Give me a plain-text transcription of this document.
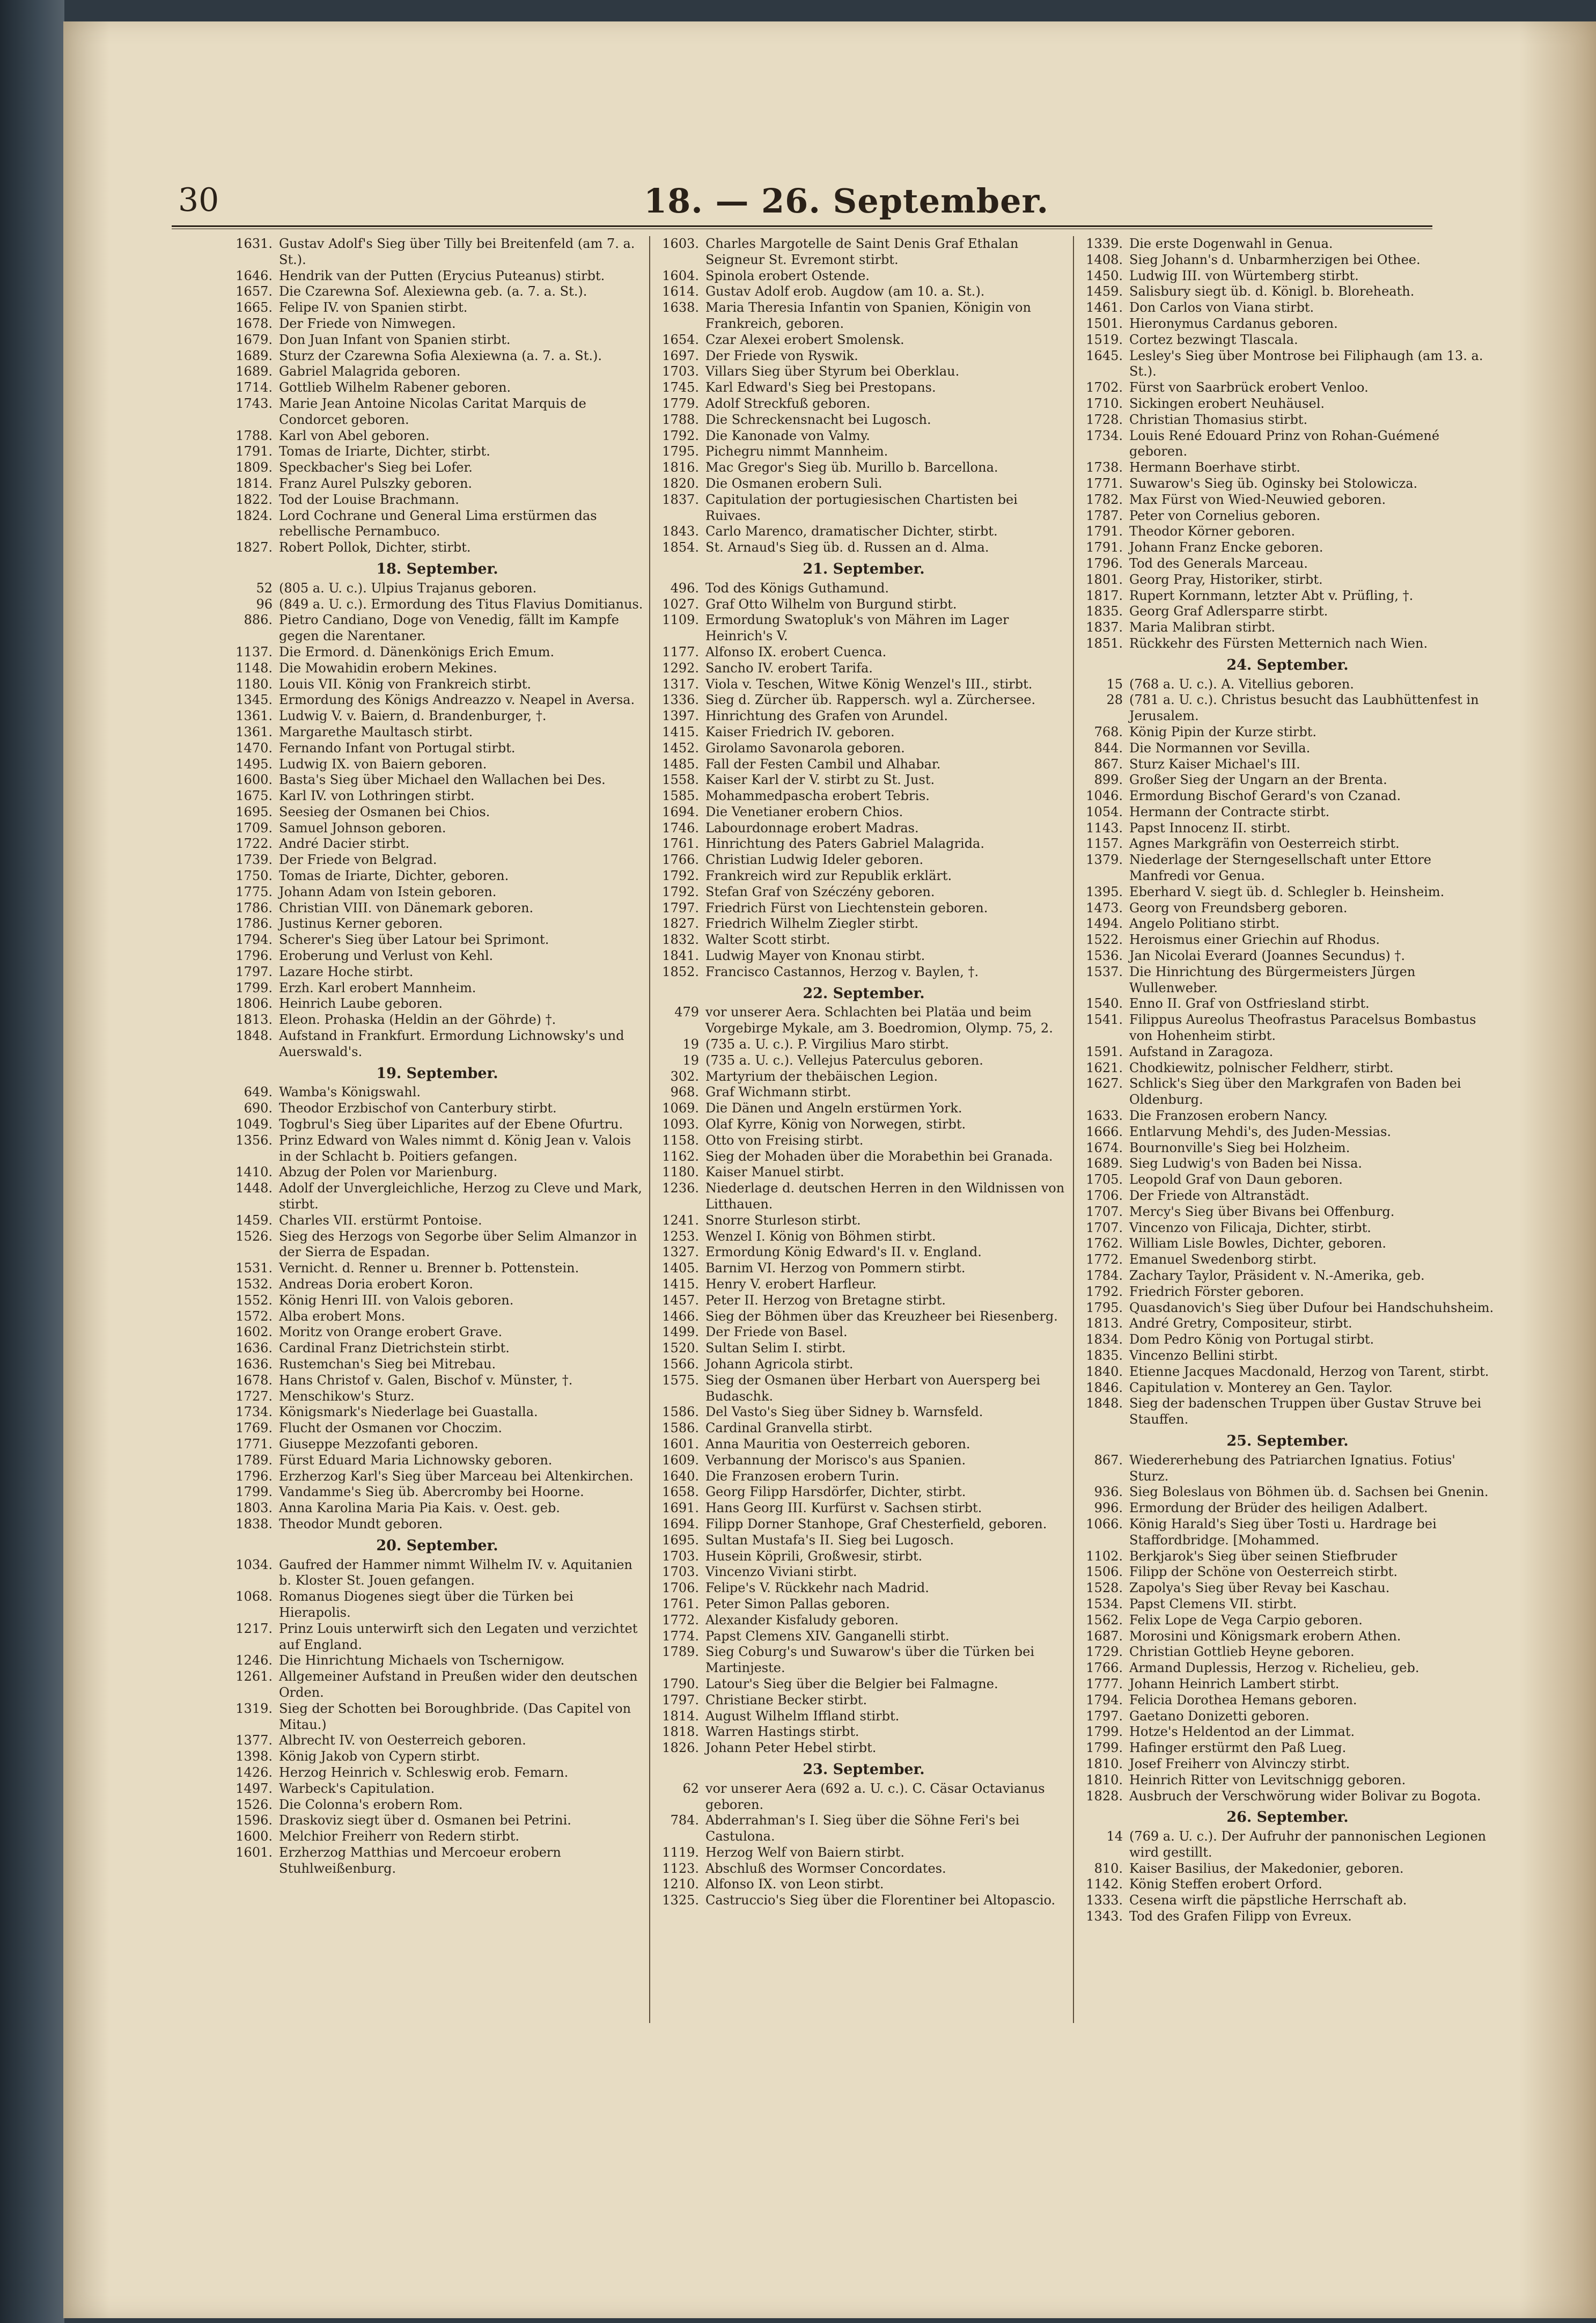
30	18. — 26. September.
1631. Gustav Adolf's Sieg über Tilly bei Breitenfeld (am 7. a. St.).
1646. Hendrik van der Putten (Erycius Puteanus) stirbt.
1657. Die Czarewna Sof. Alexiewna geb. (a. 7. a. St.).
1665. Felipe IV. von Spanien stirbt.
1678. Der Friede von Nimwegen.
1679. Don Juan Infant von Spanien stirbt.
1689. Sturz der Czarewna Sofia Alexiewna (a. 7. a. St.).
1689. Gabriel Malagrida geboren.
1714. Gottlieb Wilhelm Rabener geboren.
1743. Marie Jean Antoine Nicolas Caritat Marquis de Condorcet geboren.
1788. Karl von Abel geboren.
1791. Tomas de Iriarte, Dichter, stirbt.
1809. Speckbacher's Sieg bei Lofer.
1814. Franz Aurel Pulszky geboren.
1822. Tod der Louise Brachmann.
1824. Lord Cochrane und General Lima erstürmen das rebellische Pernambuco.
1827. Robert Pollok, Dichter, stirbt.
18. September.
52 (805 a. U. c.). Ulpius Trajanus geboren.
96 (849 a. U. c.). Ermordung des Titus Flavius Domitianus.
886. Pietro Candiano, Doge von Venedig, fällt im Kampfe gegen die Narentaner.
1137. Die Ermord. d. Dänenkönigs Erich Emum.
1148. Die Mowahidin erobern Mekines.
1180. Louis VII. König von Frankreich stirbt.
1345. Ermordung des Königs Andreazzo v. Neapel in Aversa.
1361. Ludwig V. v. Baiern, d. Brandenburger, †.
1361. Margarethe Maultasch stirbt.
1470. Fernando Infant von Portugal stirbt.
1495. Ludwig IX. von Baiern geboren.
1600. Basta's Sieg über Michael den Wallachen bei Des.
1675. Karl IV. von Lothringen stirbt.
1695. Seesieg der Osmanen bei Chios.
1709. Samuel Johnson geboren.
1722. André Dacier stirbt.
1739. Der Friede von Belgrad.
1750. Tomas de Iriarte, Dichter, geboren.
1775. Johann Adam von Istein geboren.
1786. Christian VIII. von Dänemark geboren.
1786. Justinus Kerner geboren.
1794. Scherer's Sieg über Latour bei Sprimont.
1796. Eroberung und Verlust von Kehl.
1797. Lazare Hoche stirbt.
1799. Erzh. Karl erobert Mannheim.
1806. Heinrich Laube geboren.
1813. Eleon. Prohaska (Heldin an der Göhrde) †.
1848. Aufstand in Frankfurt. Ermordung Lichnowsky's und Auerswald's.
19. September.
649. Wamba's Königswahl.
690. Theodor Erzbischof von Canterbury stirbt.
1049. Togbrul's Sieg über Liparites auf der Ebene Ofurtru.
1356. Prinz Edward von Wales nimmt d. König Jean v. Valois in der Schlacht b. Poitiers gefangen.
1410. Abzug der Polen vor Marienburg.
1448. Adolf der Unvergleichliche, Herzog zu Cleve und Mark, stirbt.
1459. Charles VII. erstürmt Pontoise.
1526. Sieg des Herzogs von Segorbe über Selim Almanzor in der Sierra de Espadan.
1531. Vernicht. d. Renner u. Brenner b. Pottenstein.
1532. Andreas Doria erobert Koron.
1552. König Henri III. von Valois geboren.
1572. Alba erobert Mons.
1602. Moritz von Orange erobert Grave.
1636. Cardinal Franz Dietrichstein stirbt.
1636. Rustemchan's Sieg bei Mitrebau.
1678. Hans Christof v. Galen, Bischof v. Münster, †.
1727. Menschikow's Sturz.
1734. Königsmark's Niederlage bei Guastalla.
1769. Flucht der Osmanen vor Choczim.
1771. Giuseppe Mezzofanti geboren.
1789. Fürst Eduard Maria Lichnowsky geboren.
1796. Erzherzog Karl's Sieg über Marceau bei Altenkirchen.
1799. Vandamme's Sieg üb. Abercromby bei Hoorne.
1803. Anna Karolina Maria Pia Kais. v. Oest. geb.
1838. Theodor Mundt geboren.
20. September.
1034. Gaufred der Hammer nimmt Wilhelm IV. v. Aquitanien b. Kloster St. Jouen gefangen.
1068. Romanus Diogenes siegt über die Türken bei Hierapolis.
1217. Prinz Louis unterwirft sich den Legaten und verzichtet auf England.
1246. Die Hinrichtung Michaels von Tschernigow.
1261. Allgemeiner Aufstand in Preußen wider den deutschen Orden.
1319. Sieg der Schotten bei Boroughbride. (Das Capitel von Mitau.)
1377. Albrecht IV. von Oesterreich geboren.
1398. König Jakob von Cypern stirbt.
1426. Herzog Heinrich v. Schleswig erob. Femarn.
1497. Warbeck's Capitulation.
1526. Die Colonna's erobern Rom.
1596. Draskoviz siegt über d. Osmanen bei Petrini.
1600. Melchior Freiherr von Redern stirbt.
1601. Erzherzog Matthias und Mercoeur erobern Stuhlweißenburg.
1603. Charles Margotelle de Saint Denis Graf Ethalan Seigneur St. Evremont stirbt.
1604. Spinola erobert Ostende.
1614. Gustav Adolf erob. Augdow (am 10. a. St.).
1638. Maria Theresia Infantin von Spanien, Königin von Frankreich, geboren.
1654. Czar Alexei erobert Smolensk.
1697. Der Friede von Ryswik.
1703. Villars Sieg über Styrum bei Oberklau.
1745. Karl Edward's Sieg bei Prestopans.
1779. Adolf Streckfuß geboren.
1788. Die Schreckensnacht bei Lugosch.
1792. Die Kanonade von Valmy.
1795. Pichegru nimmt Mannheim.
1816. Mac Gregor's Sieg üb. Murillo b. Barcellona.
1820. Die Osmanen erobern Suli.
1837. Capitulation der portugiesischen Chartisten bei Ruivaes.
1843. Carlo Marenco, dramatischer Dichter, stirbt.
1854. St. Arnaud's Sieg üb. d. Russen an d. Alma.
21. September.
496. Tod des Königs Guthamund.
1027. Graf Otto Wilhelm von Burgund stirbt.
1109. Ermordung Swatopluk's von Mähren im Lager Heinrich's V.
1177. Alfonso IX. erobert Cuenca.
1292. Sancho IV. erobert Tarifa.
1317. Viola v. Teschen, Witwe König Wenzel's III., stirbt.
1336. Sieg d. Zürcher üb. Rappersch. wyl a. Zürchersee.
1397. Hinrichtung des Grafen von Arundel.
1415. Kaiser Friedrich IV. geboren.
1452. Girolamo Savonarola geboren.
1485. Fall der Festen Cambil und Alhabar.
1558. Kaiser Karl der V. stirbt zu St. Just.
1585. Mohammedpascha erobert Tebris.
1694. Die Venetianer erobern Chios.
1746. Labourdonnage erobert Madras.
1761. Hinrichtung des Paters Gabriel Malagrida.
1766. Christian Ludwig Ideler geboren.
1792. Frankreich wird zur Republik erklärt.
1792. Stefan Graf von Széczény geboren.
1797. Friedrich Fürst von Liechtenstein geboren.
1827. Friedrich Wilhelm Ziegler stirbt.
1832. Walter Scott stirbt.
1841. Ludwig Mayer von Knonau stirbt.
1852. Francisco Castannos, Herzog v. Baylen, †.
22. September.
479 vor unserer Aera. Schlachten bei Platäa und beim Vorgebirge Mykale, am 3. Boedromion, Olymp. 75, 2.
19 (735 a. U. c.). P. Virgilius Maro stirbt.
19 (735 a. U. c.). Vellejus Paterculus geboren.
302. Martyrium der thebäischen Legion.
968. Graf Wichmann stirbt.
1069. Die Dänen und Angeln erstürmen York.
1093. Olaf Kyrre, König von Norwegen, stirbt.
1158. Otto von Freising stirbt.
1162. Sieg der Mohaden über die Morabethin bei Granada.
1180. Kaiser Manuel stirbt.
1236. Niederlage d. deutschen Herren in den Wildnissen von Litthauen.
1241. Snorre Sturleson stirbt.
1253. Wenzel I. König von Böhmen stirbt.
1327. Ermordung König Edward's II. v. England.
1405. Barnim VI. Herzog von Pommern stirbt.
1415. Henry V. erobert Harfleur.
1457. Peter II. Herzog von Bretagne stirbt.
1466. Sieg der Böhmen über das Kreuzheer bei Riesenberg.
1499. Der Friede von Basel.
1520. Sultan Selim I. stirbt.
1566. Johann Agricola stirbt.
1575. Sieg der Osmanen über Herbart von Auersperg bei Budaschk.
1586. Del Vasto's Sieg über Sidney b. Warnsfeld.
1586. Cardinal Granvella stirbt.
1601. Anna Mauritia von Oesterreich geboren.
1609. Verbannung der Morisco's aus Spanien.
1640. Die Franzosen erobern Turin.
1658. Georg Filipp Harsdörfer, Dichter, stirbt.
1691. Hans Georg III. Kurfürst v. Sachsen stirbt.
1694. Filipp Dorner Stanhope, Graf Chesterfield, geboren.
1695. Sultan Mustafa's II. Sieg bei Lugosch.
1703. Husein Köprili, Großwesir, stirbt.
1703. Vincenzo Viviani stirbt.
1706. Felipe's V. Rückkehr nach Madrid.
1761. Peter Simon Pallas geboren.
1772. Alexander Kisfaludy geboren.
1774. Papst Clemens XIV. Ganganelli stirbt.
1789. Sieg Coburg's und Suwarow's über die Türken bei Martinjeste.
1790. Latour's Sieg über die Belgier bei Falmagne.
1797. Christiane Becker stirbt.
1814. August Wilhelm Iffland stirbt.
1818. Warren Hastings stirbt.
1826. Johann Peter Hebel stirbt.
23. September.
62 vor unserer Aera (692 a. U. c.). C. Cäsar Octavianus geboren.
784. Abderrahman's I. Sieg über die Söhne Feri's bei Castulona.
1119. Herzog Welf von Baiern stirbt.
1123. Abschluß des Wormser Concordates.
1210. Alfonso IX. von Leon stirbt.
1325. Castruccio's Sieg über die Florentiner bei Altopascio.
1339. Die erste Dogenwahl in Genua.
1408. Sieg Johann's d. Unbarmherzigen bei Othee.
1450. Ludwig III. von Würtemberg stirbt.
1459. Salisbury siegt üb. d. Königl. b. Bloreheath.
1461. Don Carlos von Viana stirbt.
1501. Hieronymus Cardanus geboren.
1519. Cortez bezwingt Tlascala.
1645. Lesley's Sieg über Montrose bei Filiphaugh (am 13. a. St.).
1702. Fürst von Saarbrück erobert Venloo.
1710. Sickingen erobert Neuhäusel.
1728. Christian Thomasius stirbt.
1734. Louis René Edouard Prinz von Rohan-Guémené geboren.
1738. Hermann Boerhave stirbt.
1771. Suwarow's Sieg üb. Oginsky bei Stolowicza.
1782. Max Fürst von Wied-Neuwied geboren.
1787. Peter von Cornelius geboren.
1791. Theodor Körner geboren.
1791. Johann Franz Encke geboren.
1796. Tod des Generals Marceau.
1801. Georg Pray, Historiker, stirbt.
1817. Rupert Kornmann, letzter Abt v. Prüfling, †.
1835. Georg Graf Adlersparre stirbt.
1837. Maria Malibran stirbt.
1851. Rückkehr des Fürsten Metternich nach Wien.
24. September.
15 (768 a. U. c.). A. Vitellius geboren.
28 (781 a. U. c.). Christus besucht das Laubhüttenfest in Jerusalem.
768. König Pipin der Kurze stirbt.
844. Die Normannen vor Sevilla.
867. Sturz Kaiser Michael's III.
899. Großer Sieg der Ungarn an der Brenta.
1046. Ermordung Bischof Gerard's von Czanad.
1054. Hermann der Contracte stirbt.
1143. Papst Innocenz II. stirbt.
1157. Agnes Markgräfin von Oesterreich stirbt.
1379. Niederlage der Sterngesellschaft unter Ettore Manfredi vor Genua.
1395. Eberhard V. siegt üb. d. Schlegler b. Heinsheim.
1473. Georg von Freundsberg geboren.
1494. Angelo Politiano stirbt.
1522. Heroismus einer Griechin auf Rhodus.
1536. Jan Nicolai Everard (Joannes Secundus) †.
1537. Die Hinrichtung des Bürgermeisters Jürgen Wullenweber.
1540. Enno II. Graf von Ostfriesland stirbt.
1541. Filippus Aureolus Theofrastus Paracelsus Bombastus von Hohenheim stirbt.
1591. Aufstand in Zaragoza.
1621. Chodkiewitz, polnischer Feldherr, stirbt.
1627. Schlick's Sieg über den Markgrafen von Baden bei Oldenburg.
1633. Die Franzosen erobern Nancy.
1666. Entlarvung Mehdi's, des Juden-Messias.
1674. Bournonville's Sieg bei Holzheim.
1689. Sieg Ludwig's von Baden bei Nissa.
1705. Leopold Graf von Daun geboren.
1706. Der Friede von Altranstädt.
1707. Mercy's Sieg über Bivans bei Offenburg.
1707. Vincenzo von Filicaja, Dichter, stirbt.
1762. William Lisle Bowles, Dichter, geboren.
1772. Emanuel Swedenborg stirbt.
1784. Zachary Taylor, Präsident v. N.-Amerika, geb.
1792. Friedrich Förster geboren.
1795. Quasdanovich's Sieg über Dufour bei Handschuhsheim.
1813. André Gretry, Compositeur, stirbt.
1834. Dom Pedro König von Portugal stirbt.
1835. Vincenzo Bellini stirbt.
1840. Etienne Jacques Macdonald, Herzog von Tarent, stirbt.
1846. Capitulation v. Monterey an Gen. Taylor.
1848. Sieg der badenschen Truppen über Gustav Struve bei Stauffen.
25. September.
867. Wiedererhebung des Patriarchen Ignatius. Fotius' Sturz.
936. Sieg Boleslaus von Böhmen üb. d. Sachsen bei Gnenin.
996. Ermordung der Brüder des heiligen Adalbert.
1066. König Harald's Sieg über Tosti u. Hardrage bei Staffordbridge. [Mohammed.
1102. Berkjarok's Sieg über seinen Stiefbruder
1506. Filipp der Schöne von Oesterreich stirbt.
1528. Zapolya's Sieg über Revay bei Kaschau.
1534. Papst Clemens VII. stirbt.
1562. Felix Lope de Vega Carpio geboren.
1687. Morosini und Königsmark erobern Athen.
1729. Christian Gottlieb Heyne geboren.
1766. Armand Duplessis, Herzog v. Richelieu, geb.
1777. Johann Heinrich Lambert stirbt.
1794. Felicia Dorothea Hemans geboren.
1797. Gaetano Donizetti geboren.
1799. Hotze's Heldentod an der Limmat.
1799. Hafinger erstürmt den Paß Lueg.
1810. Josef Freiherr von Alvinczy stirbt.
1810. Heinrich Ritter von Levitschnigg geboren.
1828. Ausbruch der Verschwörung wider Bolivar zu Bogota.
26. September.
14 (769 a. U. c.). Der Aufruhr der pannonischen Legionen wird gestillt.
810. Kaiser Basilius, der Makedonier, geboren.
1142. König Steffen erobert Orford.
1333. Cesena wirft die päpstliche Herrschaft ab.
1343. Tod des Grafen Filipp von Evreux.
